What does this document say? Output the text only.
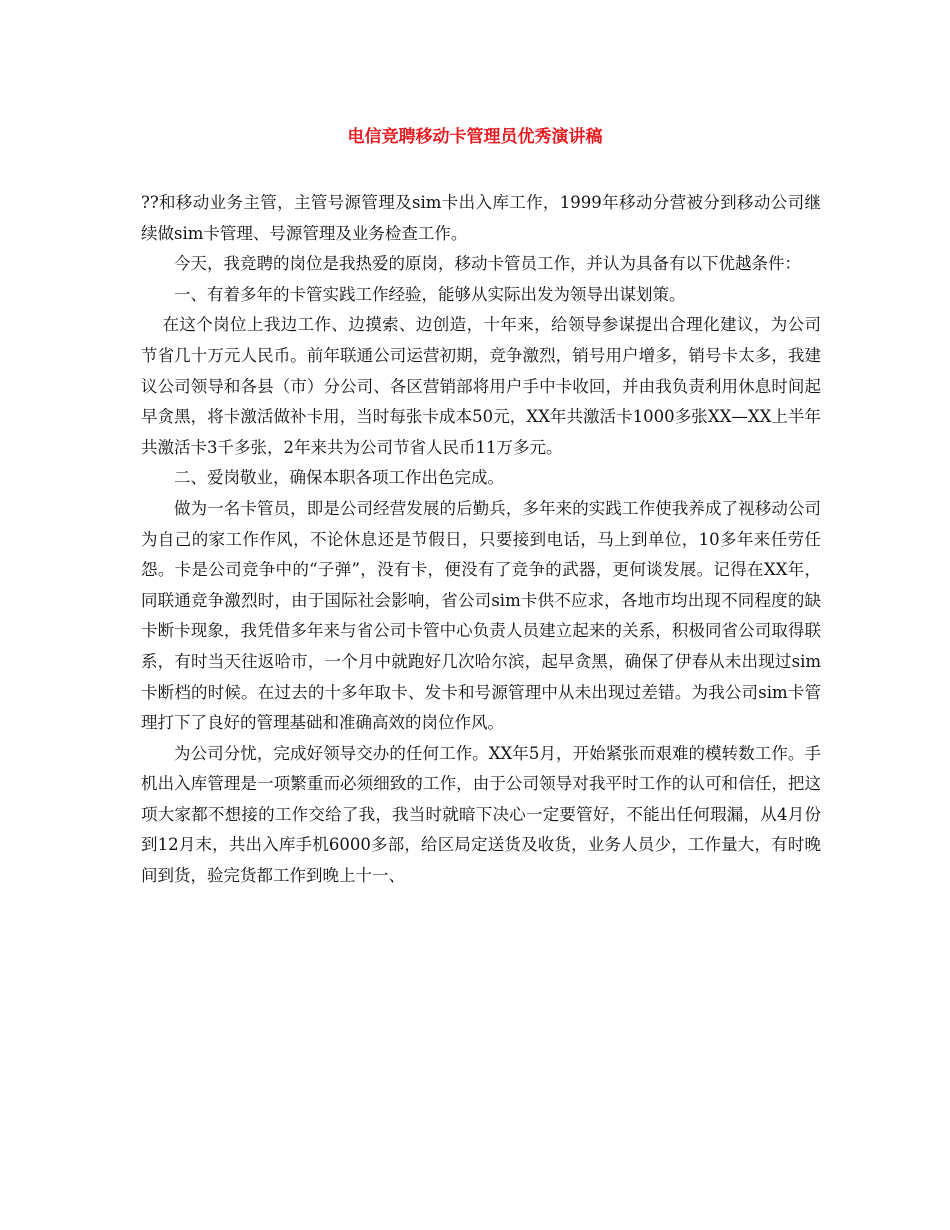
电信竞聘移动卡管理员优秀演讲稿

??和移动业务主管，主管号源管理及sim卡出入库工作，1999年移动分营被分到移动公司继续做sim卡管理、号源管理及业务检查工作。

今天，我竞聘的岗位是我热爱的原岗，移动卡管员工作，并认为具备有以下优越条件：

一、有着多年的卡管实践工作经验，能够从实际出发为领导出谋划策。

在这个岗位上我边工作、边摸索、边创造，十年来，给领导参谋提出合理化建议，为公司节省几十万元人民币。前年联通公司运营初期，竞争激烈，销号用户增多，销号卡太多，我建议公司领导和各县（市）分公司、各区营销部将用户手中卡收回，并由我负责利用休息时间起早贪黑，将卡激活做补卡用，当时每张卡成本50元，XX年共激活卡1000多张XX—XX上半年共激活卡3千多张，2年来共为公司节省人民币11万多元。

二、爱岗敬业，确保本职各项工作出色完成。

做为一名卡管员，即是公司经营发展的后勤兵，多年来的实践工作使我养成了视移动公司为自己的家工作作风，不论休息还是节假日，只要接到电话，马上到单位，10多年来任劳任怨。卡是公司竞争中的“子弹”，没有卡，便没有了竞争的武器，更何谈发展。记得在XX年，同联通竞争激烈时，由于国际社会影响，省公司sim卡供不应求，各地市均出现不同程度的缺卡断卡现象，我凭借多年来与省公司卡管中心负责人员建立起来的关系，积极同省公司取得联系，有时当天往返哈市，一个月中就跑好几次哈尔滨，起早贪黑，确保了伊春从未出现过sim卡断档的时候。在过去的十多年取卡、发卡和号源管理中从未出现过差错。为我公司sim卡管理打下了良好的管理基础和准确高效的岗位作风。

为公司分忧，完成好领导交办的任何工作。XX年5月，开始紧张而艰难的模转数工作。手机出入库管理是一项繁重而必须细致的工作，由于公司领导对我平时工作的认可和信任，把这项大家都不想接的工作交给了我，我当时就暗下决心一定要管好，不能出任何瑕漏，从4月份到12月末，共出入库手机6000多部，给区局定送货及收货，业务人员少，工作量大，有时晚间到货，验完货都工作到晚上十一、
